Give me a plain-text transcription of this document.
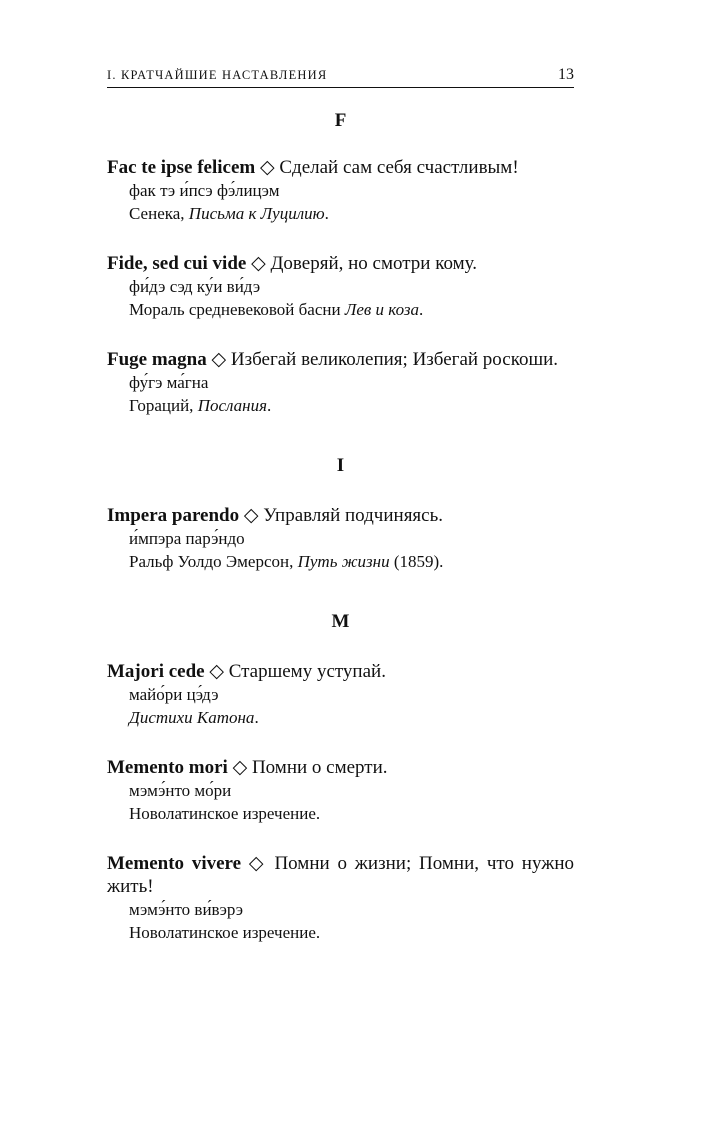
I. КРАТЧАЙШИЕ НАСТАВЛЕНИЯ	13
F
Fac te ipse felicem ◇ Сделай сам себя счастливым!
фак тэ и́псэ фэ́лицэм
Сенека, Письма к Луцилию.
Fide, sed cui vide ◇ Доверяй, но смотри кому.
фи́дэ сэд ку́и ви́дэ
Мораль средневековой басни Лев и коза.
Fuge magna ◇ Избегай великолепия; Избегай роскоши.
фу́гэ ма́гна
Гораций, Послания.
I
Impera parendo ◇ Управляй подчиняясь.
и́мпэра парэ́ндо
Ральф Уолдо Эмерсон, Путь жизни (1859).
M
Majori cede ◇ Старшему уступай.
майо́ри цэ́дэ
Дистихи Катона.
Memento mori ◇ Помни о смерти.
мэмэ́нто мо́ри
Новолатинское изречение.
Memento vivere ◇ Помни о жизни; Помни, что нужно жить!
мэмэ́нто ви́вэрэ
Новолатинское изречение.
